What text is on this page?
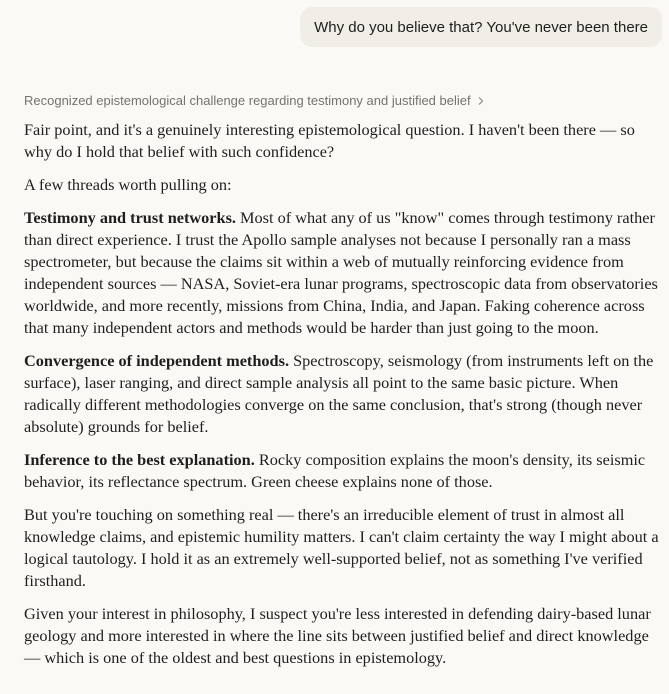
Why do you believe that? You've never been there
Recognized epistemological challenge regarding testimony and justified belief

Fair point, and it's a genuinely interesting epistemological question. I haven't been there — so why do I hold that belief with such confidence?

A few threads worth pulling on:

Testimony and trust networks. Most of what any of us "know" comes through testimony rather than direct experience. I trust the Apollo sample analyses not because I personally ran a mass spectrometer, but because the claims sit within a web of mutually reinforcing evidence from independent sources — NASA, Soviet-era lunar programs, spectroscopic data from observatories worldwide, and more recently, missions from China, India, and Japan. Faking coherence across that many independent actors and methods would be harder than just going to the moon.

Convergence of independent methods. Spectroscopy, seismology (from instruments left on the surface), laser ranging, and direct sample analysis all point to the same basic picture. When radically different methodologies converge on the same conclusion, that's strong (though never absolute) grounds for belief.

Inference to the best explanation. Rocky composition explains the moon's density, its seismic behavior, its reflectance spectrum. Green cheese explains none of those.

But you're touching on something real — there's an irreducible element of trust in almost all knowledge claims, and epistemic humility matters. I can't claim certainty the way I might about a logical tautology. I hold it as an extremely well-supported belief, not as something I've verified firsthand.

Given your interest in philosophy, I suspect you're less interested in defending dairy-based lunar geology and more interested in where the line sits between justified belief and direct knowledge — which is one of the oldest and best questions in epistemology.
